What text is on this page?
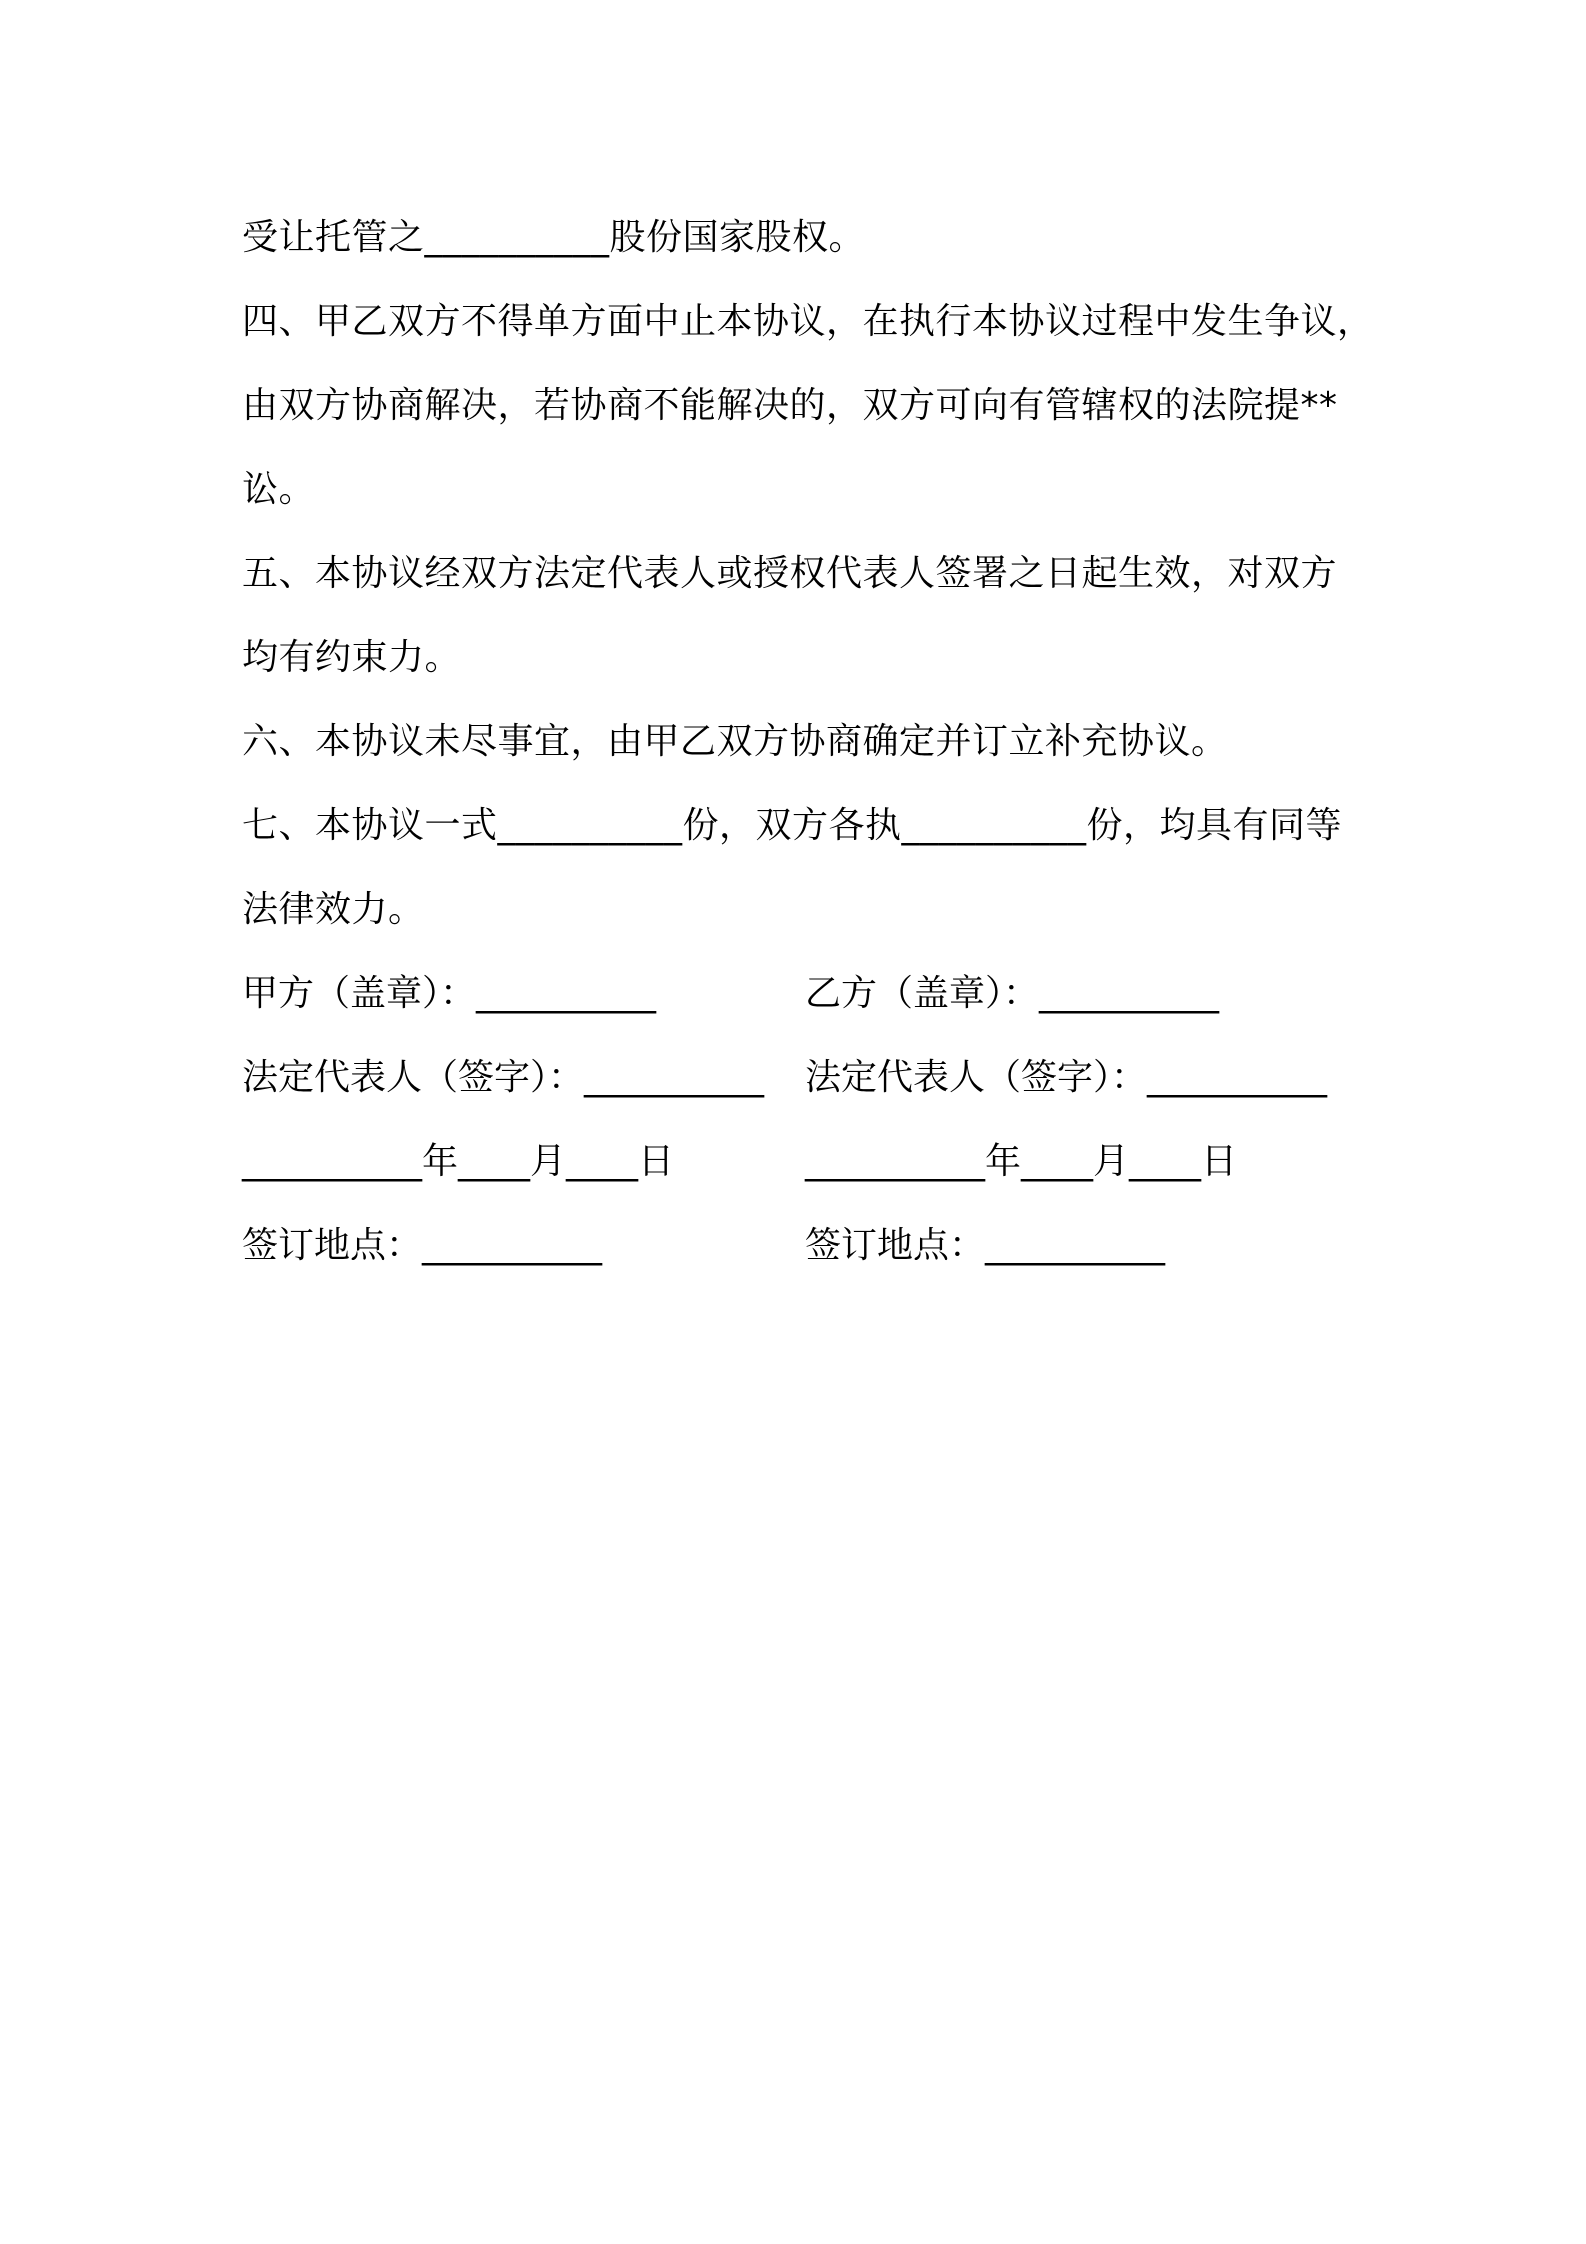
受让托管之__________股份国家股权。
四、甲乙双方不得单方面中止本协议，在执行本协议过程中发生争议，
由双方协商解决，若协商不能解决的，双方可向有管辖权的法院提**
讼。
五、本协议经双方法定代表人或授权代表人签署之日起生效，对双方
均有约束力。
六、本协议未尽事宜，由甲乙双方协商确定并订立补充协议。
七、本协议一式__________份，双方各执__________份，均具有同等
法律效力。
甲方（盖章）：__________	乙方（盖章）：__________
法定代表人（签字）：__________ 法定代表人（签字）：__________
__________年____月____日	__________年____月____日
签订地点：__________	签订地点：__________
